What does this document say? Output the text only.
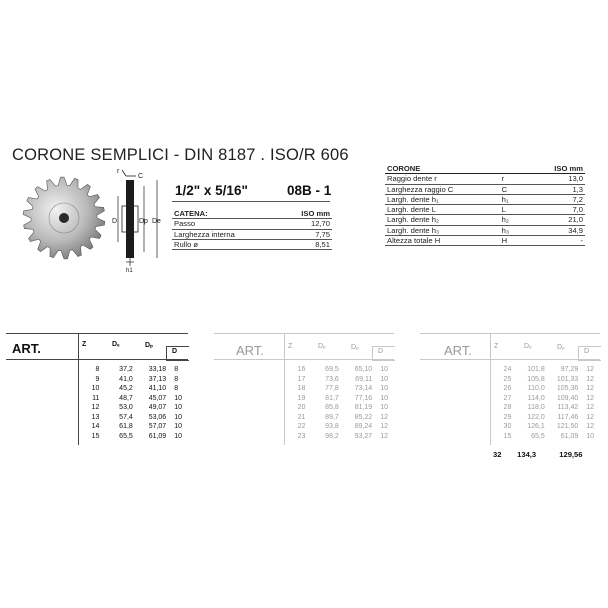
CORONE SEMPLICI - DIN 8187 . ISO/R 606
C
r
D	Dp De
h1
1/2" x 5/16"	08B - 1
CATENA:	ISO mm
Passo	12,70
Larghezza interna	7,75
Rullo ø	8,51
CORONE		ISO mm
Raggio dente r	r	13,0
Larghezza raggio C	C	1,3
Largh. dente h₁	h₁	7,2
Largh. dente L	L	7,0
Largh. dente h₂	h₂	21,0
Largh. dente h₃	h₃	34,9
Altezza totale H	H	-
ART.	Z	Dₑ	Dₚ
D
8	37,2	33,18	8
9	41,0	37,13	8
10	45,2	41,10	8
11	48,7	45,07	10
12	53,0	49,07	10
13	57,4	53,06	10
14	61,8	57,07	10
15	65,5	61,09	10
ART.	Z	Dₑ	Dₚ
D
16	69,5	65,10	10
17	73,6	69,11	10
18	77,8	73,14	10
19	81,7	77,16	10
20	85,8	81,19	10
21	89,7	85,22	12
22	93,8	89,24	12
23	98,2	93,27	12
ART.	Z	Dₑ	Dₚ
D
24	101,8	97,29	12
25	105,8	101,33	12
26	110,0	105,36	12
27	114,0	109,40	12
28	118,0	113,42	12
29	122,0	117,46	12
30	126,1	121,50	12
15	65,5	61,09	10
32 134,3	129,56
